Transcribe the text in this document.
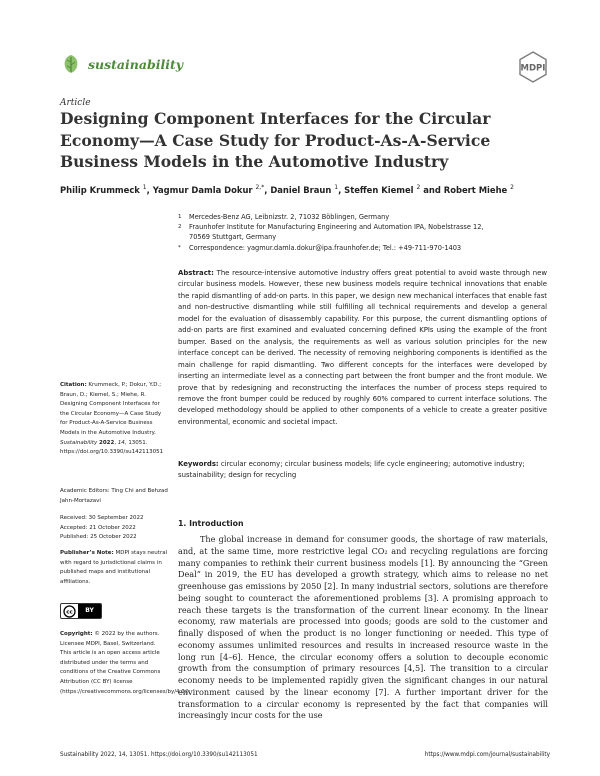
sustainability	MDPI
Article
Designing Component Interfaces for the Circular Economy—A Case Study for Product-As-A-Service Business Models in the Automotive Industry
Philip Krummeck $^1$, Yagmur Damla Dokur $^{2,*}$, Daniel Braun $^1$, Steffen Kiemel $^2$ and Robert Miehe $^2$
1	Mercedes-Benz AG, Leibnizstr. 2, 71032 Böblingen, Germany
2	Fraunhofer Institute for Manufacturing Engineering and Automation IPA, Nobelstrasse 12,
70569 Stuttgart, Germany
*	Correspondence: yagmur.damla.dokur@ipa.fraunhofer.de; Tel.: +49-711-970-1403
Abstract: The resource-intensive automotive industry offers great potential to avoid waste through new circular business models. However, these new business models require technical innovations that enable the rapid dismantling of add-on parts. In this paper, we design new mechanical interfaces that enable fast and non-destructive dismantling while still fulfilling all technical requirements and develop a general model for the evaluation of disassembly capability. For this purpose, the current dismantling options of add-on parts are first examined and evaluated concerning defined KPIs using the example of the front bumper. Based on the analysis, the requirements as well as various solution principles for the new interface concept can be derived. The necessity of removing neighboring components is identified as the main challenge for rapid dismantling. Two different concepts for the interfaces were developed by inserting an intermediate level as a connecting part between the front bumper and the front module. We prove that by redesigning and reconstructing the interfaces the number of process steps required to remove the front bumper could be reduced by roughly 60% compared to current interface solutions. The developed methodology should be applied to other components of a vehicle to create a greater positive environmental, economic and societal impact.
Keywords: circular economy; circular business models; life cycle engineering; automotive industry; sustainability; design for recycling
Citation: Krummeck, P.; Dokur, Y.D.; Braun, D.; Kiemel, S.; Miehe, R. Designing Component Interfaces for the Circular Economy—A Case Study for Product-As-A-Service Business Models in the Automotive Industry. Sustainability 2022, 14, 13051. https://doi.org/10.3390/su142113051
Academic Editors: Ting Chi and Behzad Jahn-Mortazavi
Received: 30 September 2022
Accepted: 21 October 2022
Published: 25 October 2022
Publisher’s Note: MDPI stays neutral with regard to jurisdictional claims in published maps and institutional affiliations.
cc BY
Copyright: © 2022 by the authors. Licensee MDPI, Basel, Switzerland. This article is an open access article distributed under the terms and conditions of the Creative Commons Attribution (CC BY) license (https://creativecommons.org/licenses/by/4.0/).
1. Introduction

The global increase in demand for consumer goods, the shortage of raw materials, and, at the same time, more restrictive legal CO₂ and recycling regulations are forcing many companies to rethink their current business models [1]. By announcing the “Green Deal” in 2019, the EU has developed a growth strategy, which aims to release no net greenhouse gas emissions by 2050 [2]. In many industrial sectors, solutions are therefore being sought to counteract the aforementioned problems [3]. A promising approach to reach these targets is the transformation of the current linear economy. In the linear economy, raw materials are processed into goods; goods are sold to the customer and finally disposed of when the product is no longer functioning or needed. This type of economy assumes unlimited resources and results in increased resource waste in the long run [4–6]. Hence, the circular economy offers a solution to decouple economic growth from the consumption of primary resources [4,5]. The transition to a circular economy needs to be implemented rapidly given the significant changes in our natural environment caused by the linear economy [7]. A further important driver for the transformation to a circular economy is represented by the fact that companies will increasingly incur costs for the use

Sustainability 2022, 14, 13051. https://doi.org/10.3390/su142113051	https://www.mdpi.com/journal/sustainability
